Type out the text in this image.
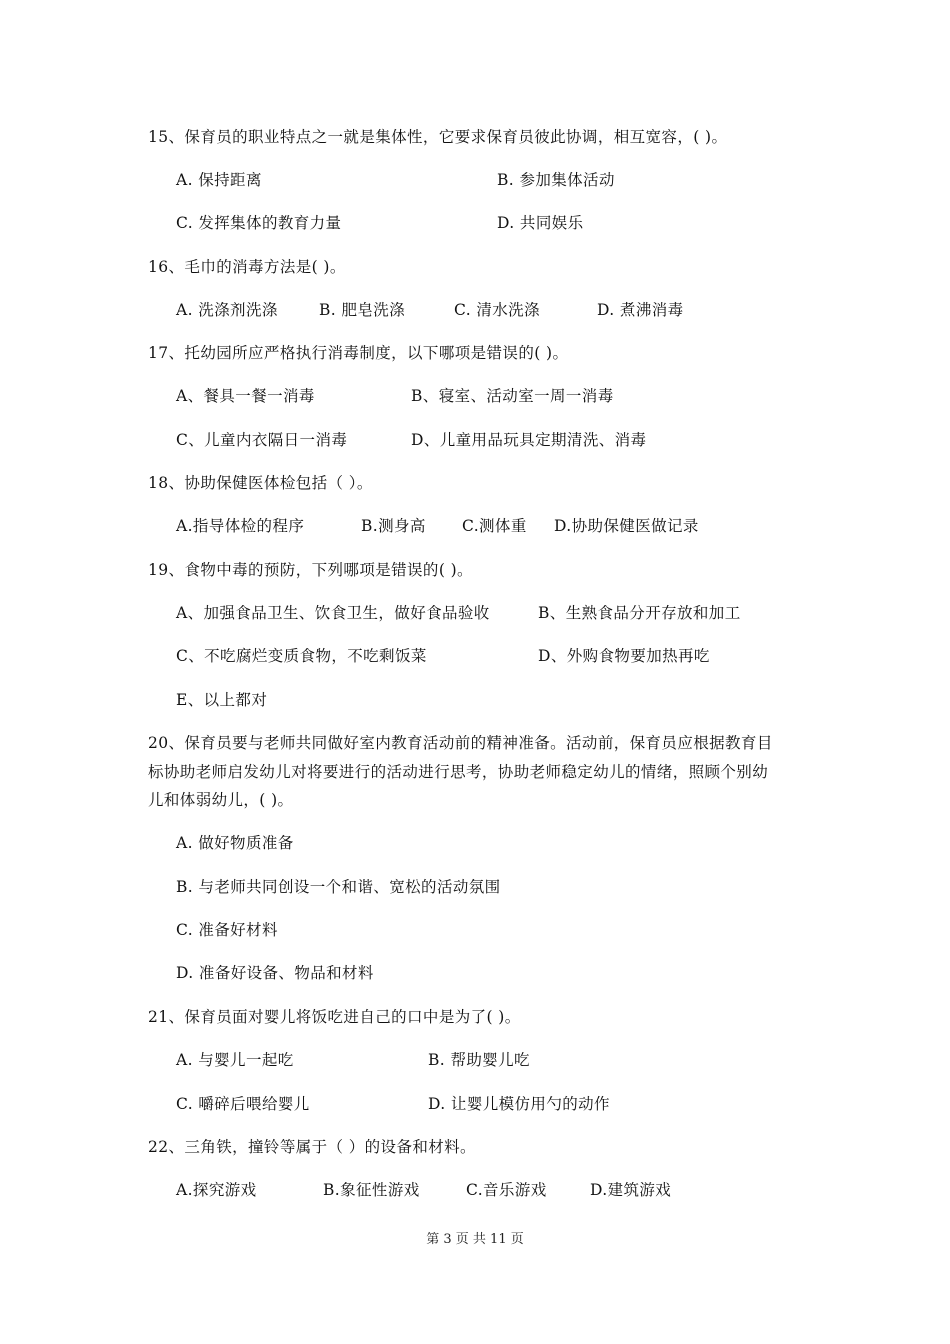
15、保育员的职业特点之一就是集体性，它要求保育员彼此协调，相互宽容，( )。
A. 保持距离	B. 参加集体活动
C. 发挥集体的教育力量	D. 共同娱乐
16、毛巾的消毒方法是( )。
A. 洗涤剂洗涤	B. 肥皂洗涤	C. 清水洗涤	D. 煮沸消毒
17、托幼园所应严格执行消毒制度，以下哪项是错误的( )。
A、餐具一餐一消毒	B、寝室、活动室一周一消毒
C、儿童内衣隔日一消毒	D、儿童用品玩具定期清洗、消毒
18、协助保健医体检包括（ ）。
A.指导体检的程序	B.测身高 C.测体重 D.协助保健医做记录
19、食物中毒的预防，下列哪项是错误的( )。
A、加强食品卫生、饮食卫生，做好食品验收	B、生熟食品分开存放和加工
C、不吃腐烂变质食物，不吃剩饭菜	D、外购食物要加热再吃
E、以上都对
20、保育员要与老师共同做好室内教育活动前的精神准备。活动前，保育员应根据教育目
标协助老师启发幼儿对将要进行的活动进行思考，协助老师稳定幼儿的情绪，照顾个别幼
儿和体弱幼儿，( )。
A. 做好物质准备
B. 与老师共同创设一个和谐、宽松的活动氛围
C. 准备好材料
D. 准备好设备、物品和材料
21、保育员面对婴儿将饭吃进自己的口中是为了( )。
A. 与婴儿一起吃	B. 帮助婴儿吃
C. 嚼碎后喂给婴儿	D. 让婴儿模仿用勺的动作
22、三角铁，撞铃等属于（ ）的设备和材料。
A.探究游戏	B.象征性游戏	C.音乐游戏	D.建筑游戏
第 3 页 共 11 页
